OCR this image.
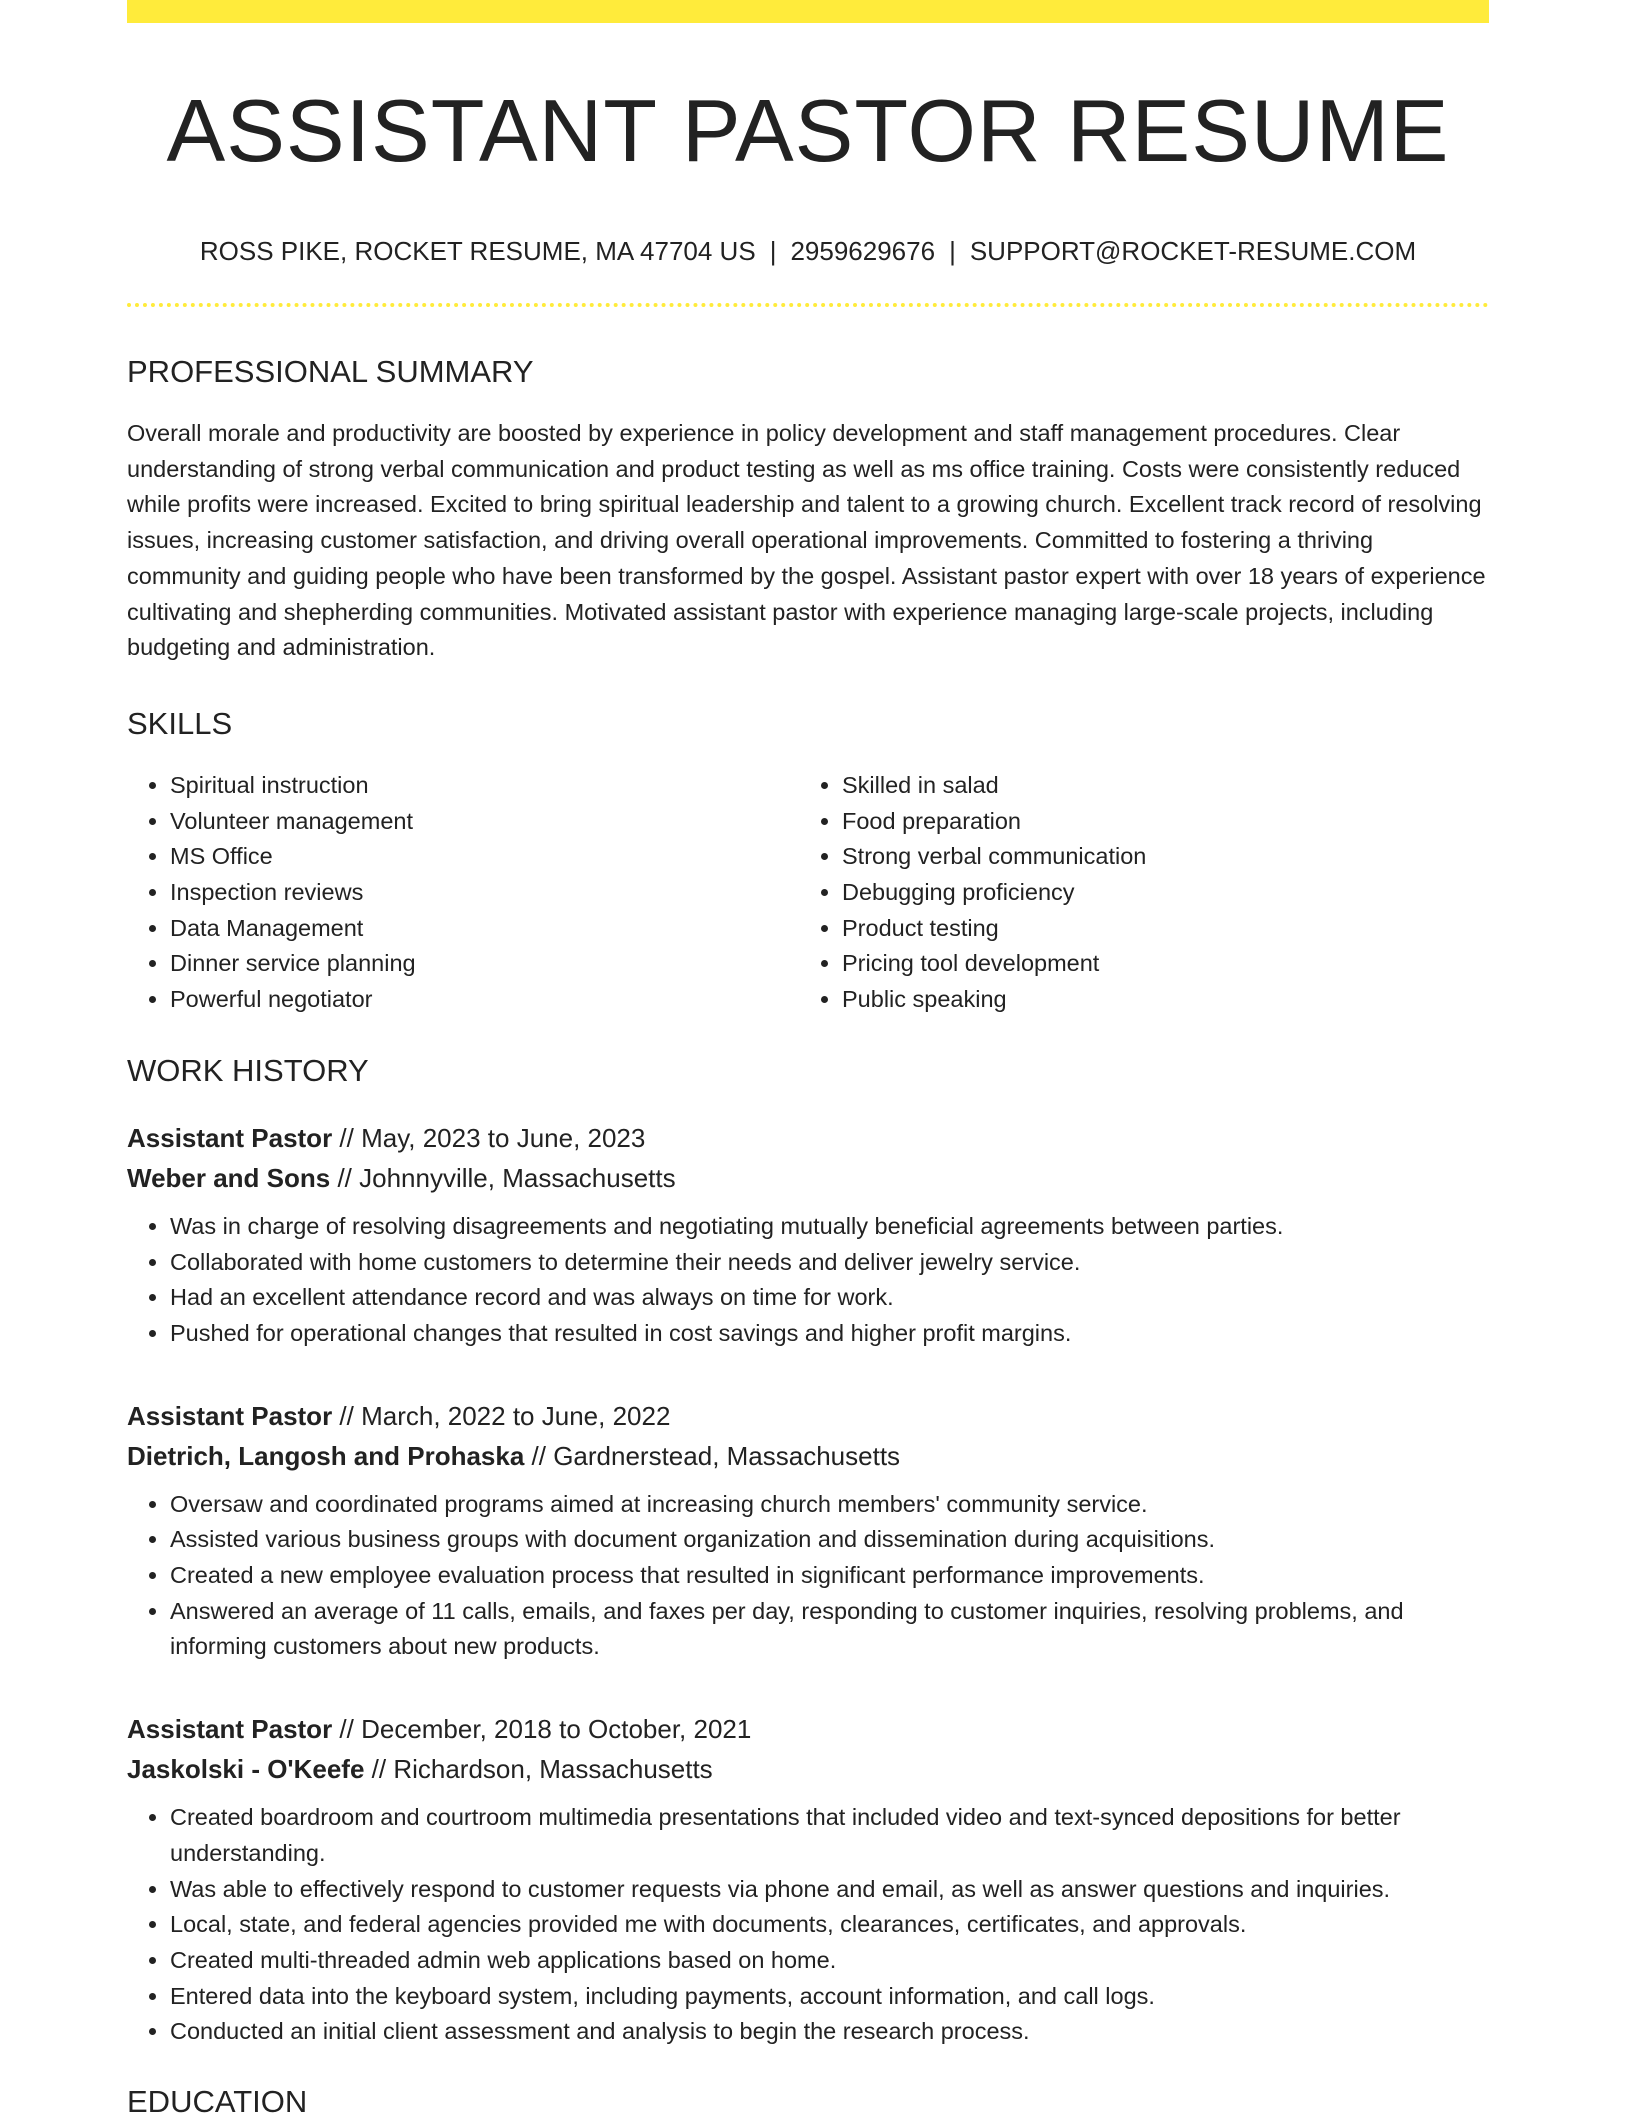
ASSISTANT PASTOR RESUME
ROSS PIKE, ROCKET RESUME, MA 47704 US | 2959629676 | SUPPORT@ROCKET-RESUME.COM
PROFESSIONAL SUMMARY

Overall morale and productivity are boosted by experience in policy development and staff management procedures. Clear understanding of strong verbal communication and product testing as well as ms office training. Costs were consistently reduced while profits were increased. Excited to bring spiritual leadership and talent to a growing church. Excellent track record of resolving issues, increasing customer satisfaction, and driving overall operational improvements. Committed to fostering a thriving community and guiding people who have been transformed by the gospel. Assistant pastor expert with over 18 years of experience cultivating and shepherding communities. Motivated assistant pastor with experience managing large-scale projects, including budgeting and administration.

SKILLS
• Spiritual instruction
• Volunteer management
• MS Office
• Inspection reviews
• Data Management
• Dinner service planning
• Powerful negotiator
• Skilled in salad
• Food preparation
• Strong verbal communication
• Debugging proficiency
• Product testing
• Pricing tool development
• Public speaking
WORK HISTORY
Assistant Pastor // May, 2023 to June, 2023
Weber and Sons // Johnnyville, Massachusetts
• Was in charge of resolving disagreements and negotiating mutually beneficial agreements between parties.
• Collaborated with home customers to determine their needs and deliver jewelry service.
• Had an excellent attendance record and was always on time for work.
• Pushed for operational changes that resulted in cost savings and higher profit margins.
Assistant Pastor // March, 2022 to June, 2022
Dietrich, Langosh and Prohaska // Gardnerstead, Massachusetts
• Oversaw and coordinated programs aimed at increasing church members' community service.
• Assisted various business groups with document organization and dissemination during acquisitions.
• Created a new employee evaluation process that resulted in significant performance improvements.
• Answered an average of 11 calls, emails, and faxes per day, responding to customer inquiries, resolving problems, and informing customers about new products.
Assistant Pastor // December, 2018 to October, 2021
Jaskolski - O'Keefe // Richardson, Massachusetts
• Created boardroom and courtroom multimedia presentations that included video and text-synced depositions for better understanding.
• Was able to effectively respond to customer requests via phone and email, as well as answer questions and inquiries.
• Local, state, and federal agencies provided me with documents, clearances, certificates, and approvals.
• Created multi-threaded admin web applications based on home.
• Entered data into the keyboard system, including payments, account information, and call logs.
• Conducted an initial client assessment and analysis to begin the research process.
EDUCATION
